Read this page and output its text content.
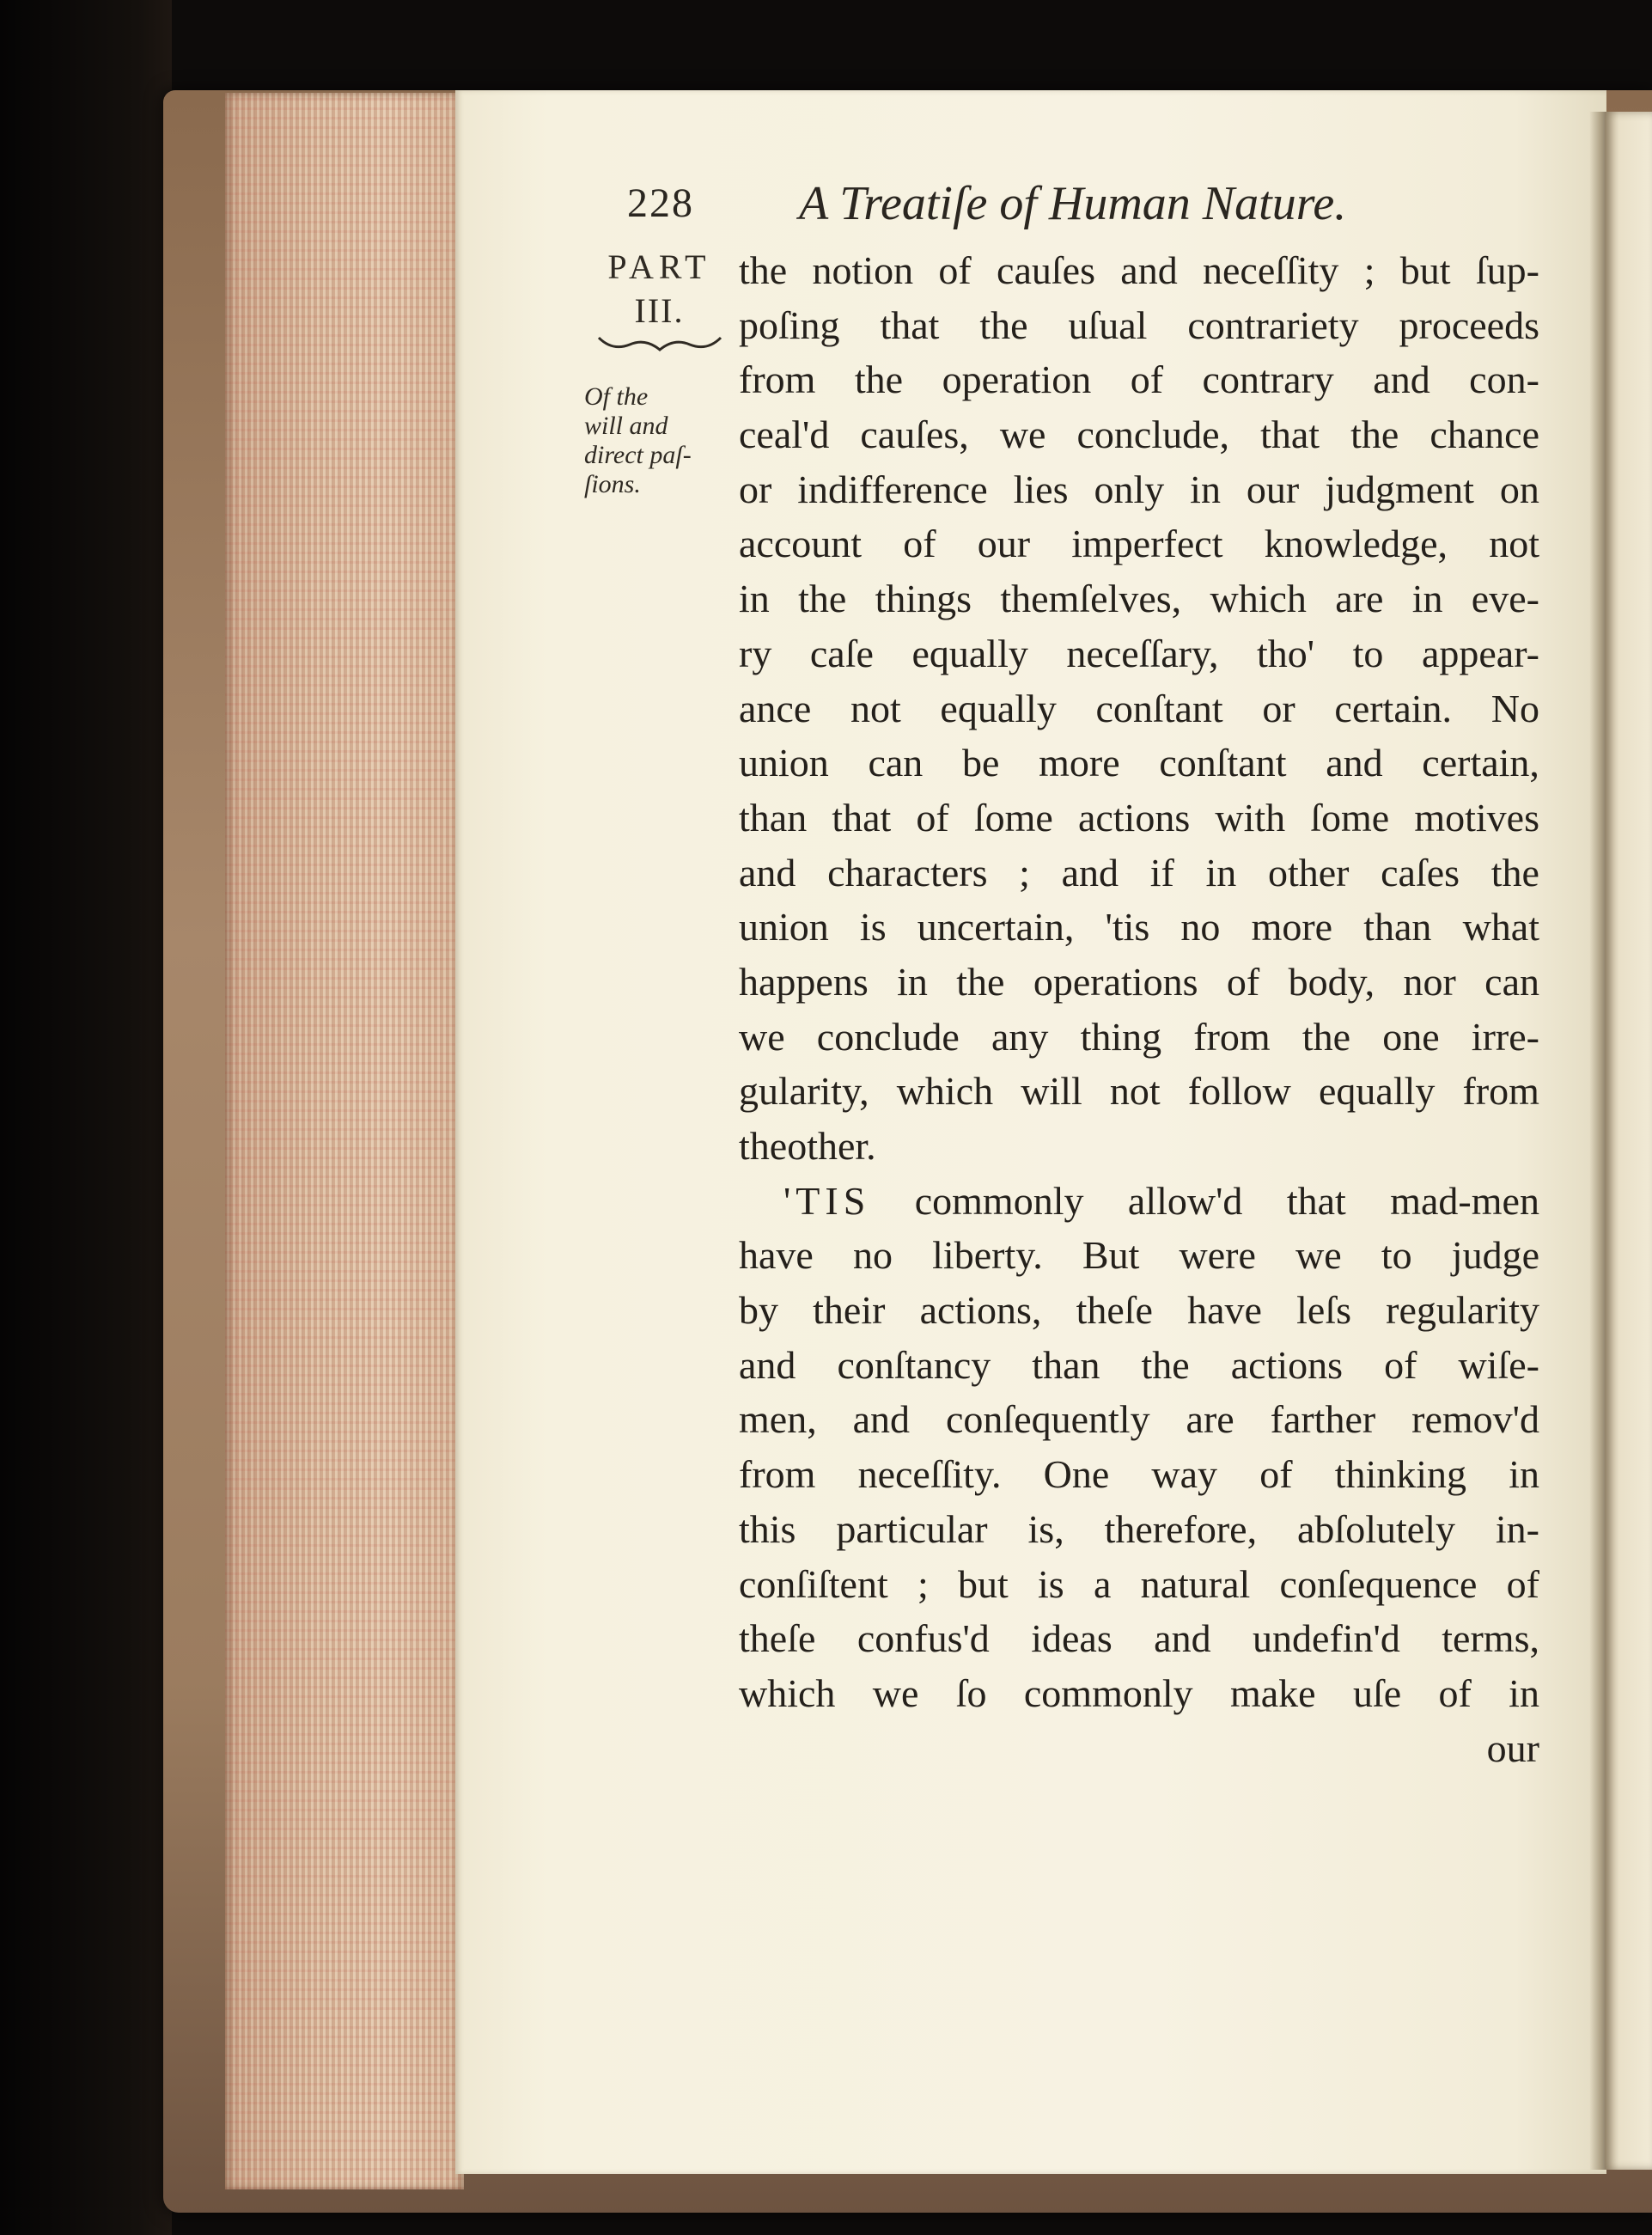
228 A Treatiſe of Human Nature.
PART
III.
Of the
will and
direct paſ-
ſions.
the notion of cauſes and neceſſity ; but ſup-
poſing that the uſual contrariety proceeds
from the operation of contrary and con-
ceal'd cauſes, we conclude, that the chance
or indifference lies only in our judgment on
account of our imperfect knowledge, not
in the things themſelves, which are in eve-
ry caſe equally neceſſary, tho' to appear-
ance not equally conſtant or certain. No
union can be more conſtant and certain,
than that of ſome actions with ſome motives
and characters ; and if in other caſes the
union is uncertain, 'tis no more than what
happens in the operations of body, nor can
we conclude any thing from the one irre-
gularity, which will not follow equally from
the other.
'TIS commonly allow'd that mad-men
have no liberty. But were we to judge
by their actions, theſe have leſs regularity
and conſtancy than the actions of wiſe-
men, and conſequently are farther remov'd
from neceſſity. One way of thinking in
this particular is, therefore, abſolutely in-
conſiſtent ; but is a natural conſequence of
theſe confus'd ideas and undefin'd terms,
which we ſo commonly make uſe of in
our
